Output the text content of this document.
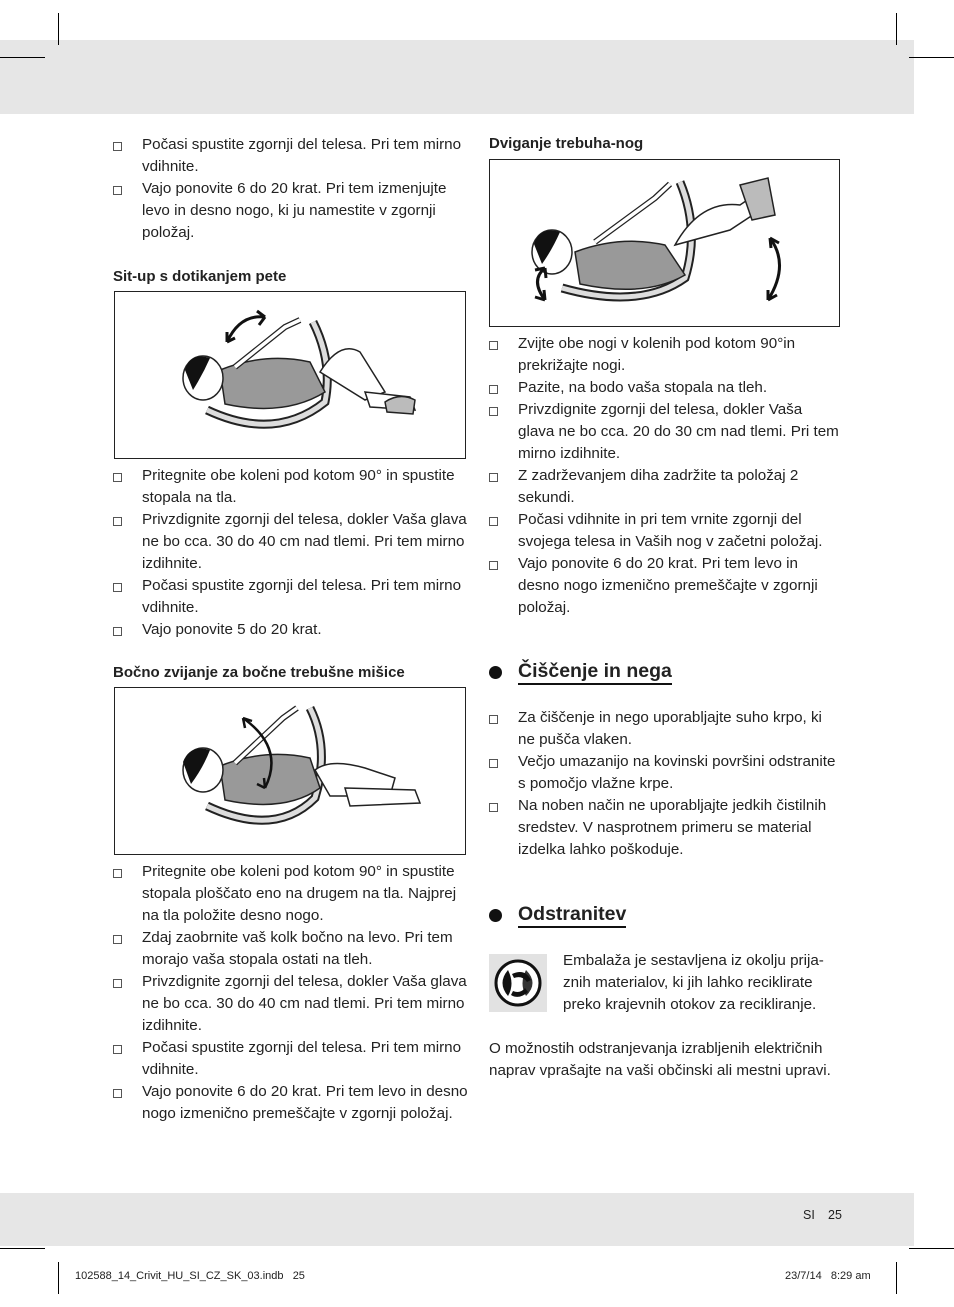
Počasi spustite zgornji del telesa. Pri tem mirno vdihnite.
Vajo ponovite 6 do 20 krat. Pri tem izmenjujte levo in desno nogo, ki ju namestite v zgornji položaj.
Sit-up s dotikanjem pete
Pritegnite obe koleni pod kotom 90° in spustite stopala na tla.
Privzdignite zgornji del telesa, dokler Vaša glava ne bo cca. 30 do 40 cm nad tlemi. Pri tem mirno izdihnite.
Počasi spustite zgornji del telesa. Pri tem mirno vdihnite.
Vajo ponovite 5 do 20 krat.
Bočno zvijanje za bočne trebušne mišice
Pritegnite obe koleni pod kotom 90° in spustite stopala ploščato eno na drugem na tla. Najprej na tla položite desno nogo.
Zdaj zaobrnite vaš kolk bočno na levo. Pri tem morajo vaša stopala ostati na tleh.
Privzdignite zgornji del telesa, dokler Vaša glava ne bo cca. 30 do 40 cm nad tlemi. Pri tem mirno izdihnite.
Počasi spustite zgornji del telesa. Pri tem mirno vdihnite.
Vajo ponovite 6 do 20 krat. Pri tem levo in desno nogo izmenično premeščajte v zgornji položaj.
Dviganje trebuha-nog
Zvijte obe nogi v kolenih pod kotom 90°in prekrižajte nogi.
Pazite, na bodo vaša stopala na tleh.
Privzdignite zgornji del telesa, dokler Vaša glava ne bo cca. 20 do 30 cm nad tlemi. Pri tem mirno izdihnite.
Z zadrževanjem diha zadržite ta položaj 2 sekundi.
Počasi vdihnite in pri tem vrnite zgornji del svojega telesa in Vaših nog v začetni položaj.
Vajo ponovite 6 do 20 krat. Pri tem levo in desno nogo izmenično premeščajte v zgornji položaj.
Čiščenje in nega
Za čiščenje in nego uporabljajte suho krpo, ki ne pušča vlaken.
Večjo umazanijo na kovinski površini odstranite s pomočjo vlažne krpe.
Na noben način ne uporabljajte jedkih čistilnih sredstev. V nasprotnem primeru se material izdelka lahko poškoduje.
Odstranitev

Embalaža je sestavljena iz okolju prija-znih materialov, ki jih lahko reciklirate preko krajevnih otokov za recikliranje.

O možnostih odstranjevanja izrabljenih električnih naprav vprašajte na vaši občinski ali mestni upravi.

SI 25
102588_14_Crivit_HU_SI_CZ_SK_03.indb   25	23/7/14   8:29 am
